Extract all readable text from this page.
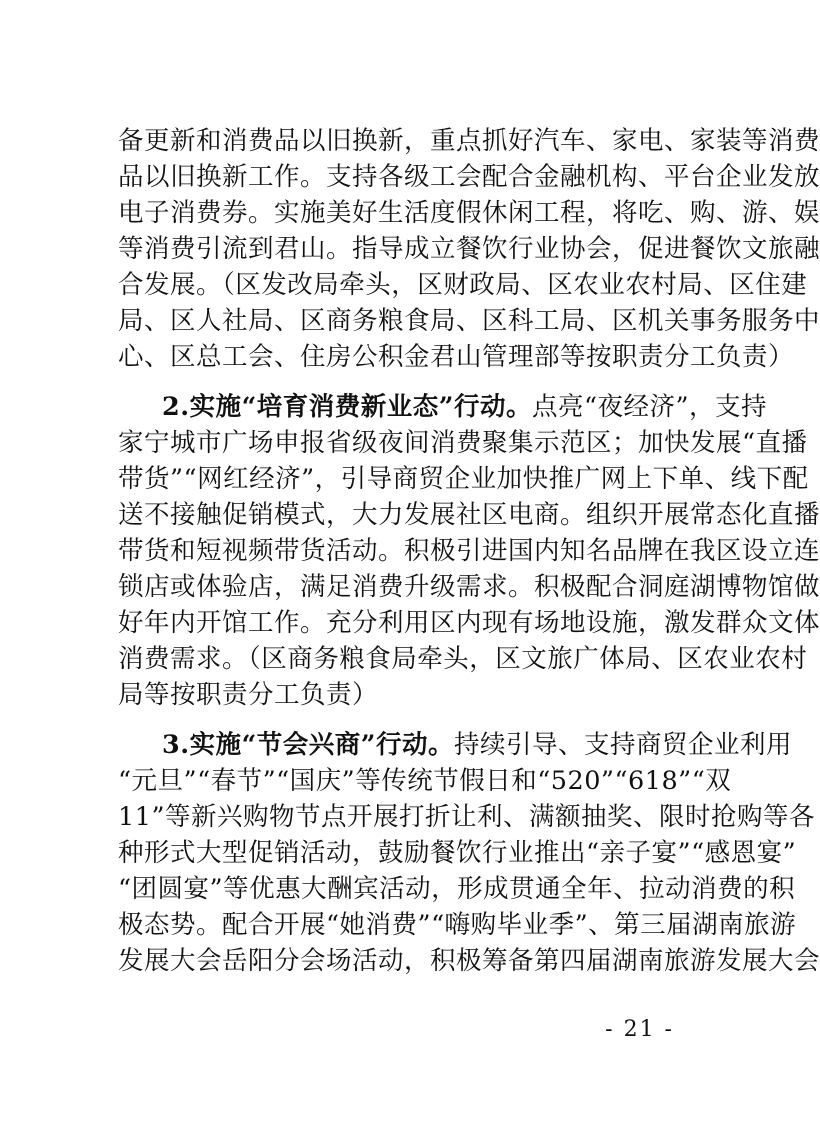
备更新和消费品以旧换新，重点抓好汽车、家电、家装等消费
品以旧换新工作。支持各级工会配合金融机构、平台企业发放
电子消费券。实施美好生活度假休闲工程，将吃、购、游、娱
等消费引流到君山。指导成立餐饮行业协会，促进餐饮文旅融
合发展。（区发改局牵头，区财政局、区农业农村局、区住建
局、区人社局、区商务粮食局、区科工局、区机关事务服务中
心、区总工会、住房公积金君山管理部等按职责分工负责）
2.实施“培育消费新业态”行动。点亮“夜经济”，支持
家宁城市广场申报省级夜间消费聚集示范区；加快发展“直播
带货”“网红经济”，引导商贸企业加快推广网上下单、线下配
送不接触促销模式，大力发展社区电商。组织开展常态化直播
带货和短视频带货活动。积极引进国内知名品牌在我区设立连
锁店或体验店，满足消费升级需求。积极配合洞庭湖博物馆做
好年内开馆工作。充分利用区内现有场地设施，激发群众文体
消费需求。（区商务粮食局牵头，区文旅广体局、区农业农村
局等按职责分工负责）
3.实施“节会兴商”行动。持续引导、支持商贸企业利用
“元旦”“春节”“国庆”等传统节假日和“520”“618”“双
11”等新兴购物节点开展打折让利、满额抽奖、限时抢购等各
种形式大型促销活动，鼓励餐饮行业推出“亲子宴”“感恩宴”
“团圆宴”等优惠大酬宾活动，形成贯通全年、拉动消费的积
极态势。配合开展“她消费”“嗨购毕业季”、第三届湖南旅游
发展大会岳阳分会场活动，积极筹备第四届湖南旅游发展大会
- 21 -
